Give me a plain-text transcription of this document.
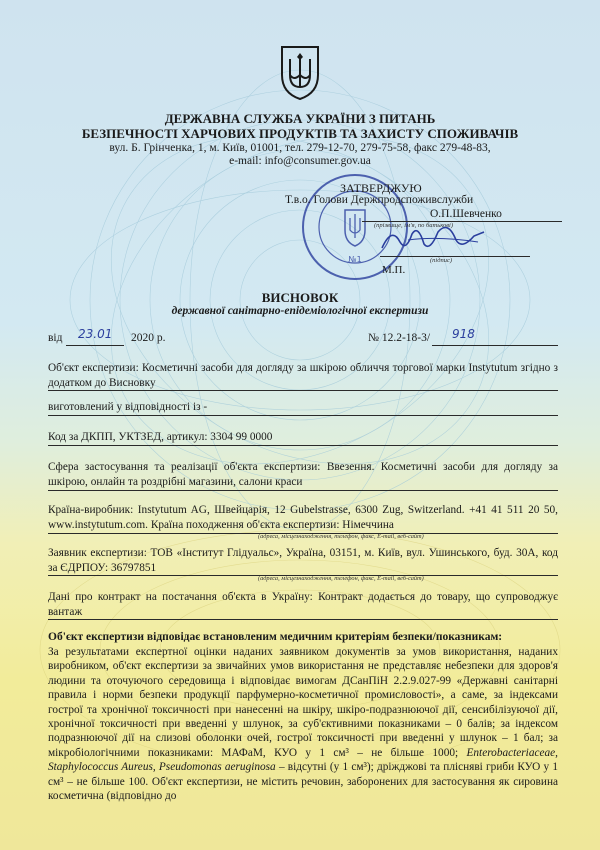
ДЕРЖАВНА СЛУЖБА УКРАЇНИ З ПИТАНЬ
БЕЗПЕЧНОСТІ ХАРЧОВИХ ПРОДУКТІВ ТА ЗАХИСТУ СПОЖИВАЧІВ
вул. Б. Грінченка, 1, м. Київ, 01001, тел. 279-12-70, 279-75-58, факс 279-48-83,
e-mail: info@consumer.gov.ua
№1
ЗАТВЕРДЖУЮ
Т.в.о. Голови Держпродспоживслужби
О.П.Шевченко
(прізвище, ім'я, по батькові)
(підпис)
М.П.
ВИСНОВОК
державної санітарно-епідеміологічної експертизи
від 23.01 2020 р.	№ 12.2-18-3/ 918
Об'єкт експертизи: Косметичні засоби для догляду за шкірою обличчя торгової марки Instytutum згідно з додатком до Висновку
виготовлений у відповідності із -
Код за ДКПП, УКТЗЕД, артикул: 3304 99 0000
Сфера застосування та реалізації об'єкта експертизи: Ввезення. Косметичні засоби для догляду за шкірою, онлайн та роздрібні магазини, салони краси
Країна-виробник: Instytutum AG, Швейцарія, 12 Gubelstrasse, 6300 Zug, Switzerland. +41 41 511 20 50, www.instytutum.com. Країна походження об'єкта експертизи: Німеччина
(адреса, місцезнаходження, телефон, факс, E-mail, веб-сайт)
Заявник експертизи: ТОВ «Інститут Глідуальс», Україна, 03151, м. Київ, вул. Ушинського, буд. 30А, код за ЄДРПОУ: 36797851
(адреса, місцезнаходження, телефон, факс, E-mail, веб-сайт)
Дані про контракт на постачання об'єкта в Україну: Контракт додається до товару, що супроводжує вантаж
Об'єкт експертизи відповідає встановленим медичним критеріям безпеки/показникам:
За результатами експертної оцінки наданих заявником документів за умов використання, наданих виробником, об'єкт експертизи за звичайних умов використання не представляє небезпеки для здоров'я людини та оточуючого середовища і відповідає вимогам ДСанПіН 2.2.9.027-99 «Державні санітарні правила і норми безпеки продукції парфумерно-косметичної промисловості», а саме, за індексами гострої та хронічної токсичності при нанесенні на шкіру, шкіро-подразнюючої дії, сенсибілізуючої дії, хронічної токсичності при введенні у шлунок, за суб'єктивними показниками – 0 балів; за індексом подразнюючої дії на слизові оболонки очей, гострої токсичності при введенні у шлунок – 1 бал; за мікробіологічними показниками: МАФаМ, КУО у 1 см³ – не більше 1000; Enterobacteriaceae, Staphylococcus Aureus, Pseudomonas aeruginosa – відсутні (у 1 см³); дріжджові та плісняві гриби КУО у 1 см³ – не більше 100. Об'єкт експертизи, не містить речовин, заборонених для застосування як сировина косметична (відповідно до
